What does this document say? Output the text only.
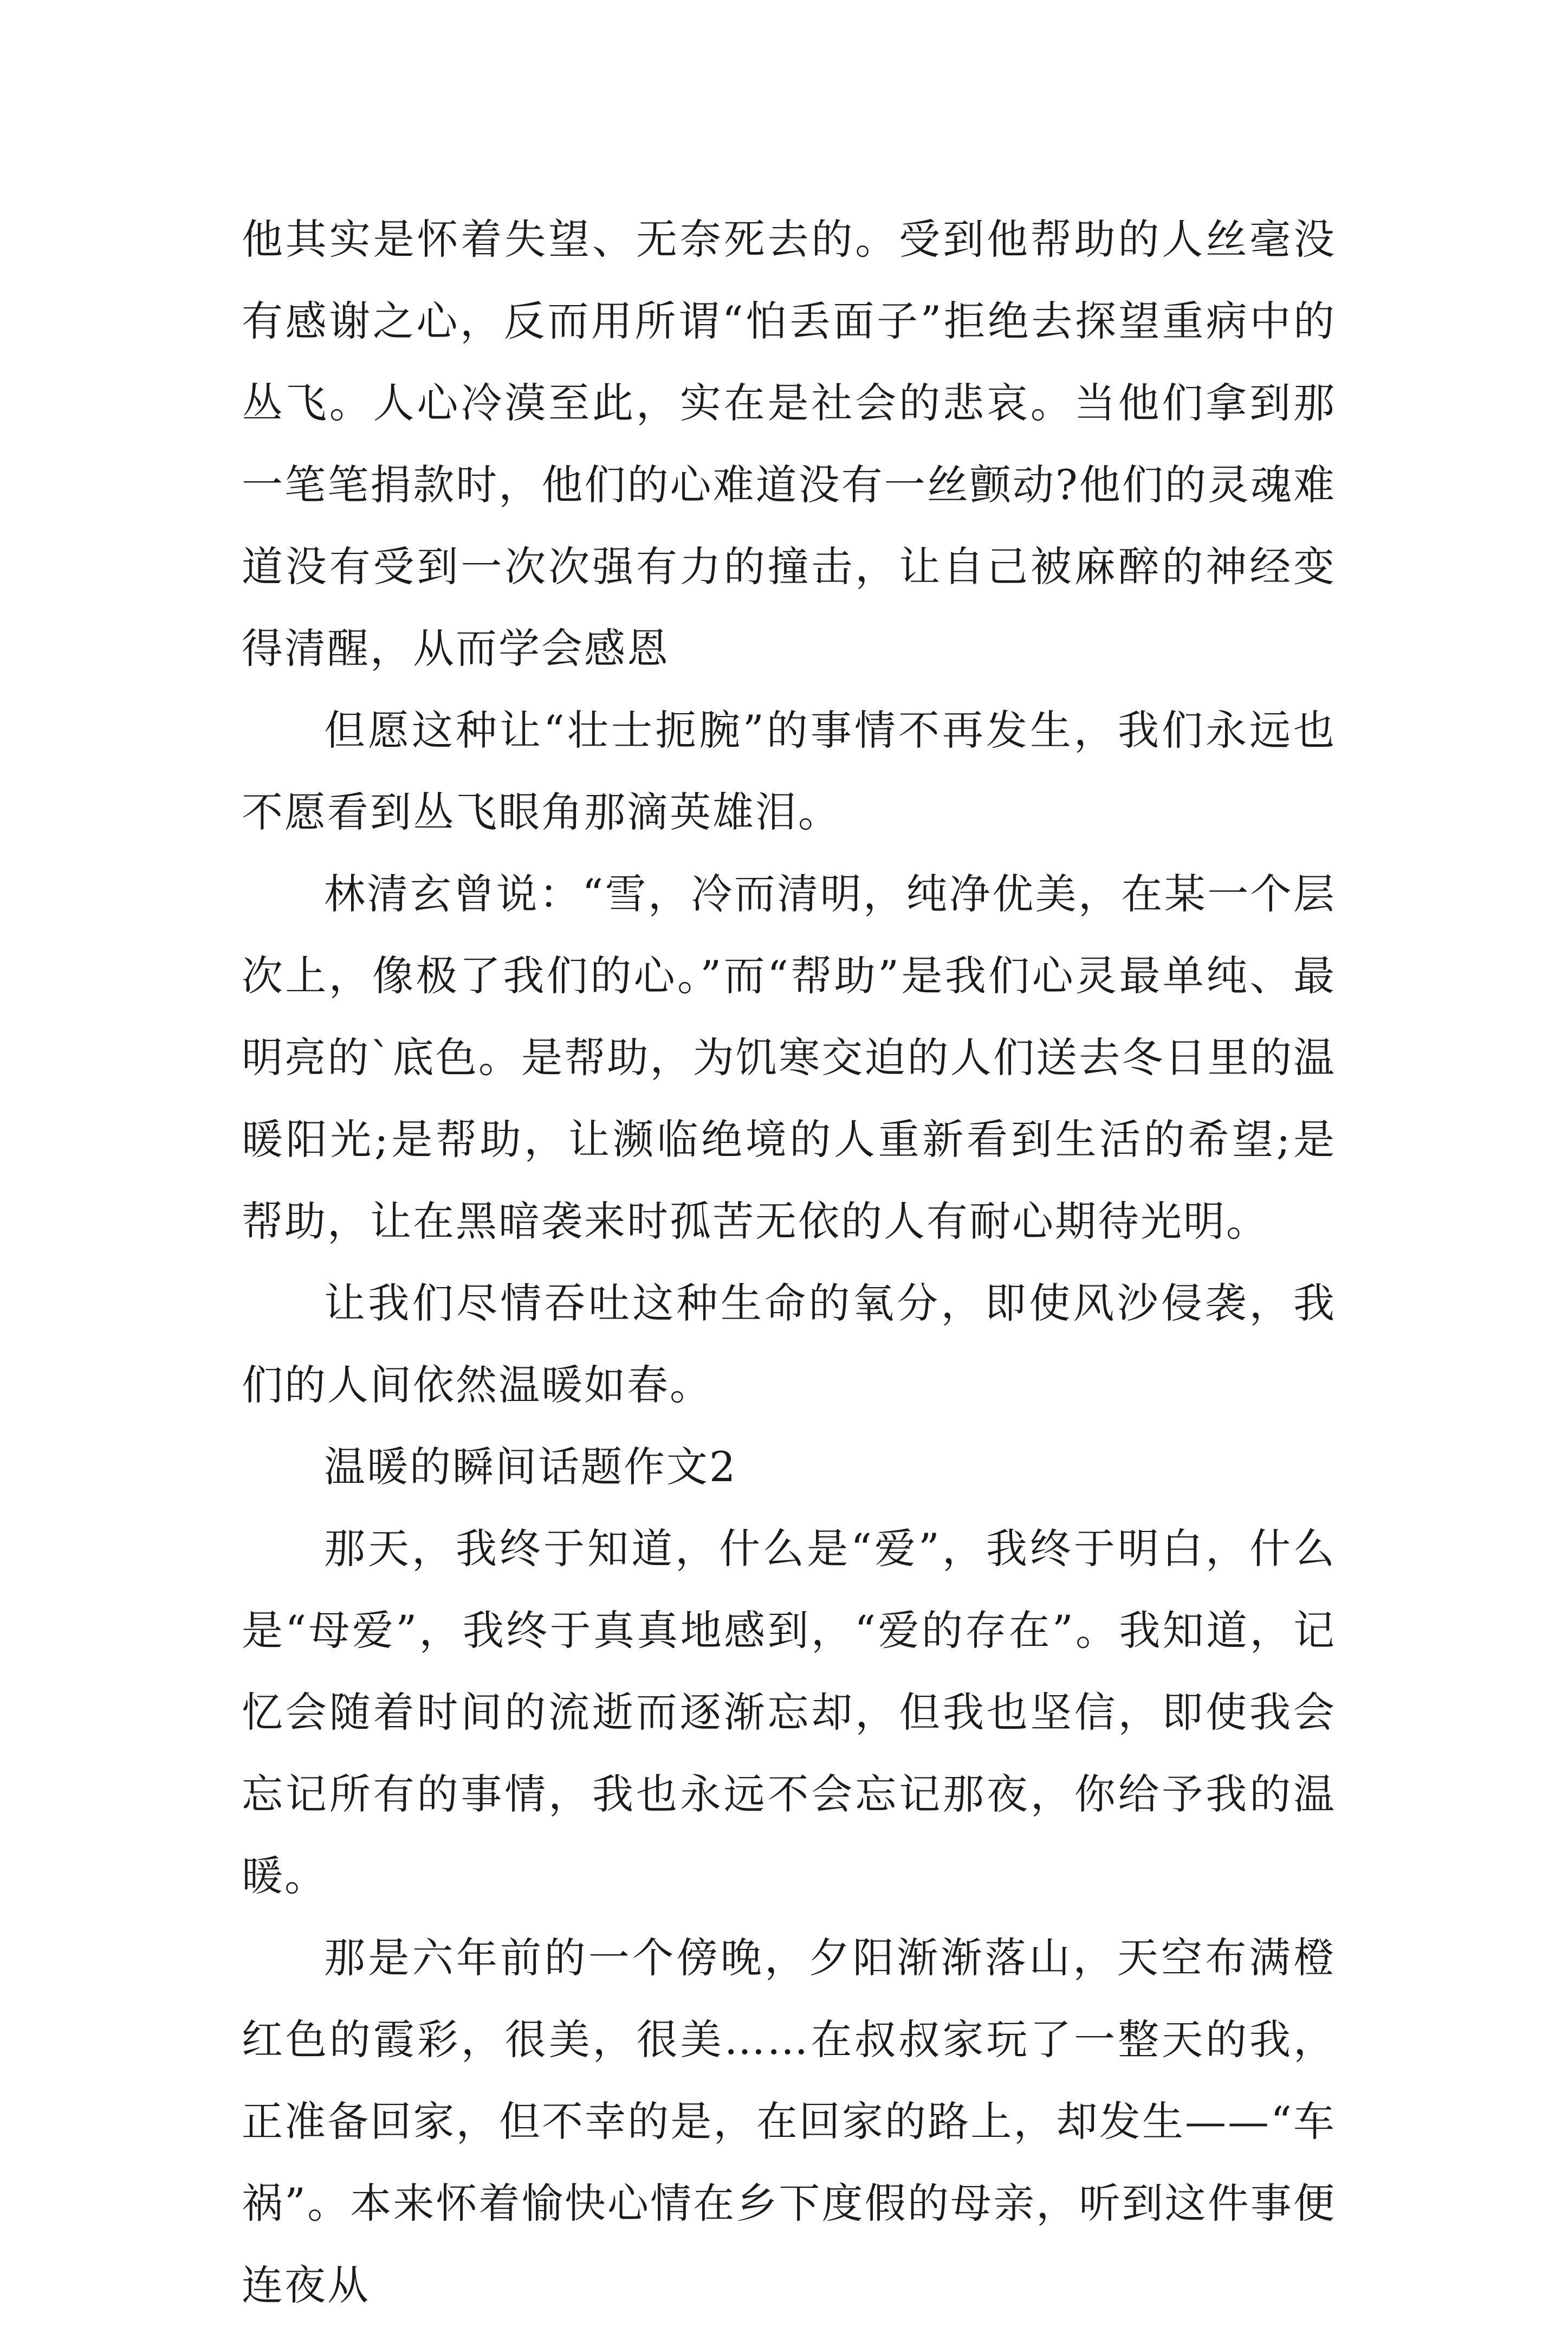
他其实是怀着失望、无奈死去的。受到他帮助的人丝毫没有感谢之心，反而用所谓“怕丢面子”拒绝去探望重病中的丛飞。人心冷漠至此，实在是社会的悲哀。当他们拿到那一笔笔捐款时，他们的心难道没有一丝颤动?他们的灵魂难道没有受到一次次强有力的撞击，让自己被麻醉的神经变得清醒，从而学会感恩

但愿这种让“壮士扼腕”的事情不再发生，我们永远也不愿看到丛飞眼角那滴英雄泪。

林清玄曾说：“雪，冷而清明，纯净优美，在某一个层次上，像极了我们的心。”而“帮助”是我们心灵最单纯、最明亮的`底色。是帮助，为饥寒交迫的人们送去冬日里的温暖阳光;是帮助，让濒临绝境的人重新看到生活的希望;是帮助，让在黑暗袭来时孤苦无依的人有耐心期待光明。

让我们尽情吞吐这种生命的氧分，即使风沙侵袭，我们的人间依然温暖如春。

温暖的瞬间话题作文2

那天，我终于知道，什么是“爱”，我终于明白，什么是“母爱”，我终于真真地感到，“爱的存在”。我知道，记忆会随着时间的流逝而逐渐忘却，但我也坚信，即使我会忘记所有的事情，我也永远不会忘记那夜，你给予我的温暖。

那是六年前的一个傍晚，夕阳渐渐落山，天空布满橙红色的霞彩，很美，很美……在叔叔家玩了一整天的我，正准备回家，但不幸的是，在回家的路上，却发生——“车祸”。本来怀着愉快心情在乡下度假的母亲，听到这件事便连夜从
